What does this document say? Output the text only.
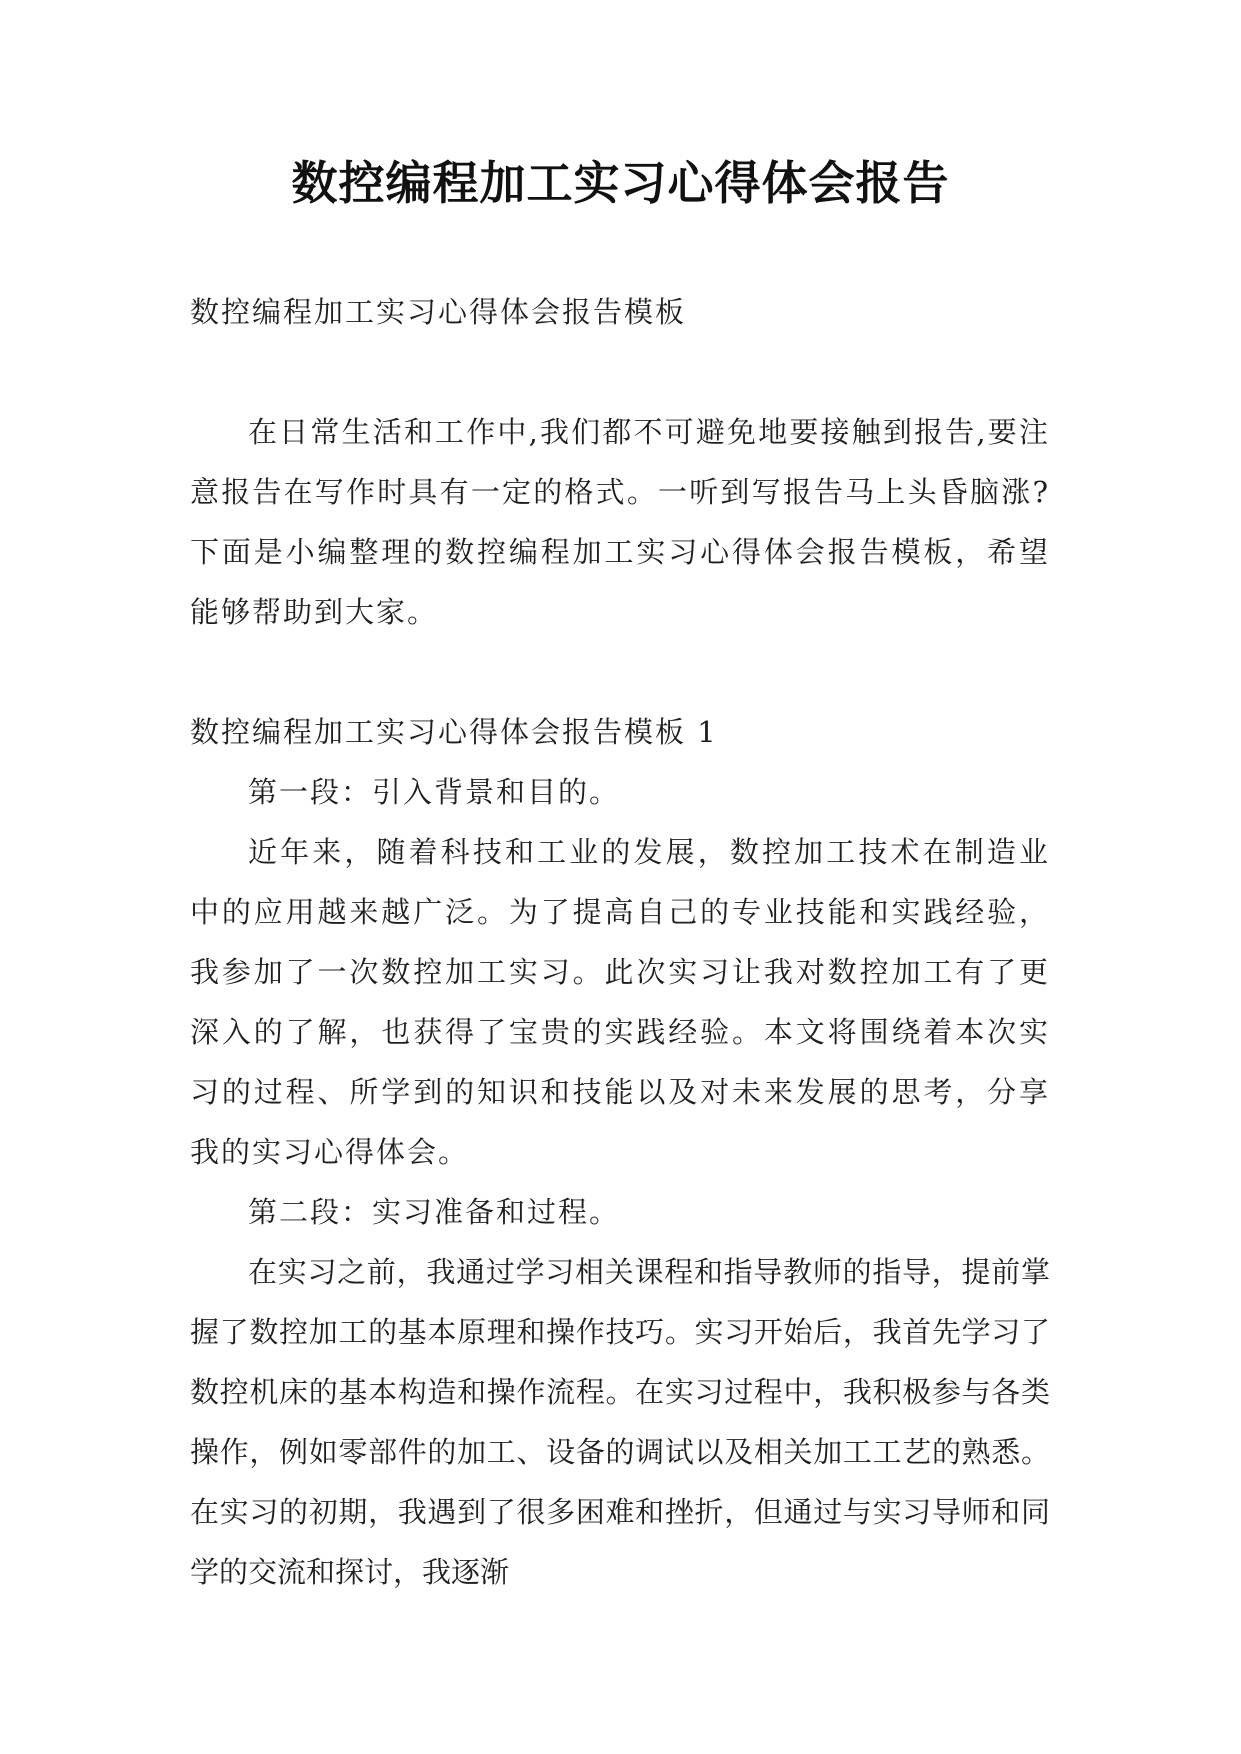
数控编程加工实习心得体会报告

数控编程加工实习心得体会报告模板

在日常生活和工作中,我们都不可避免地要接触到报告,要注意报告在写作时具有一定的格式。一听到写报告马上头昏脑涨?下面是小编整理的数控编程加工实习心得体会报告模板，希望能够帮助到大家。

数控编程加工实习心得体会报告模板 1

第一段：引入背景和目的。

近年来，随着科技和工业的发展，数控加工技术在制造业中的应用越来越广泛。为了提高自己的专业技能和实践经验，我参加了一次数控加工实习。此次实习让我对数控加工有了更深入的了解，也获得了宝贵的实践经验。本文将围绕着本次实习的过程、所学到的知识和技能以及对未来发展的思考，分享我的实习心得体会。

第二段：实习准备和过程。

在实习之前，我通过学习相关课程和指导教师的指导，提前掌握了数控加工的基本原理和操作技巧。实习开始后，我首先学习了数控机床的基本构造和操作流程。在实习过程中，我积极参与各类操作，例如零部件的加工、设备的调试以及相关加工工艺的熟悉。在实习的初期，我遇到了很多困难和挫折，但通过与实习导师和同学的交流和探讨，我逐渐
